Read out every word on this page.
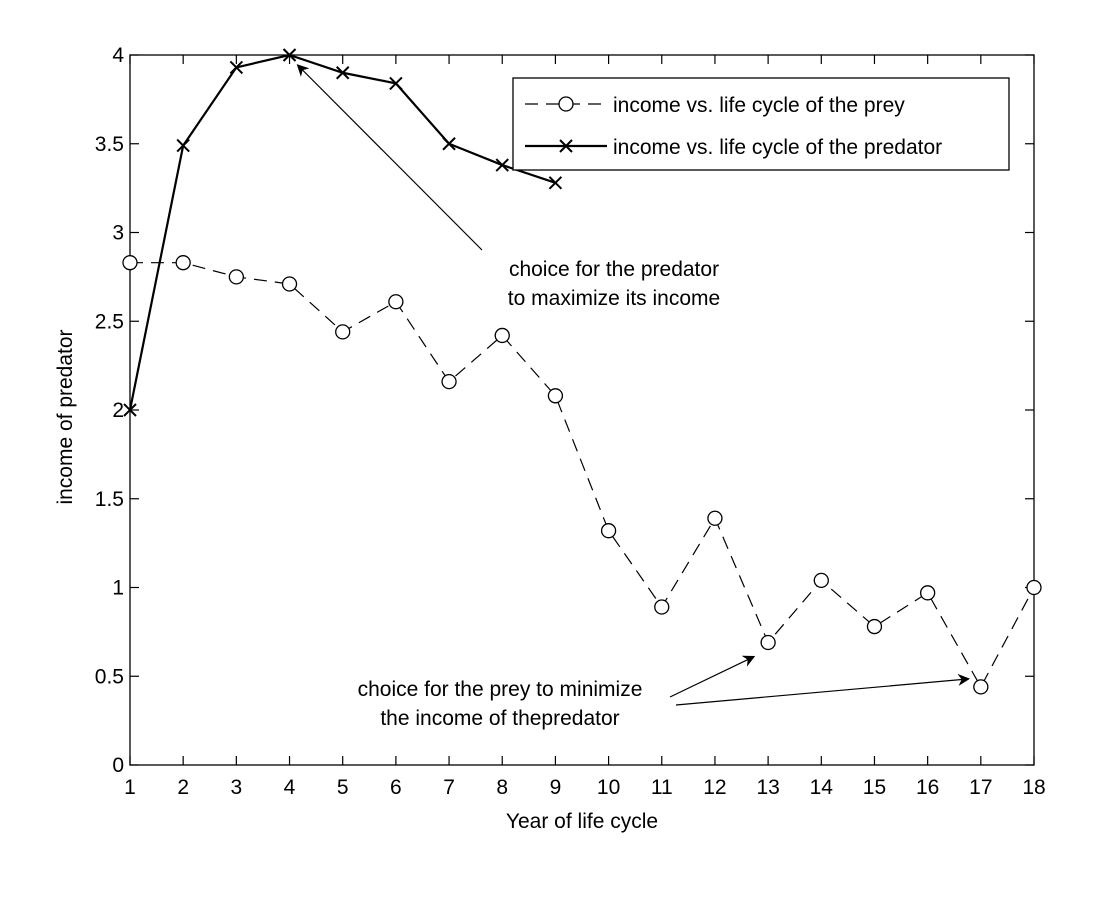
0
0.5
1
1.5
2
2.5
3
3.5
4
1 2 3 4 5 6 7 8 9 10 11 12 13 14 15 16 17 18
choice for the predator
to maximize its income
choice for the prey to minimize
the income of thepredator
Year of life cycle
income of predator
income vs. life cycle of the prey
income vs. life cycle of the predator
